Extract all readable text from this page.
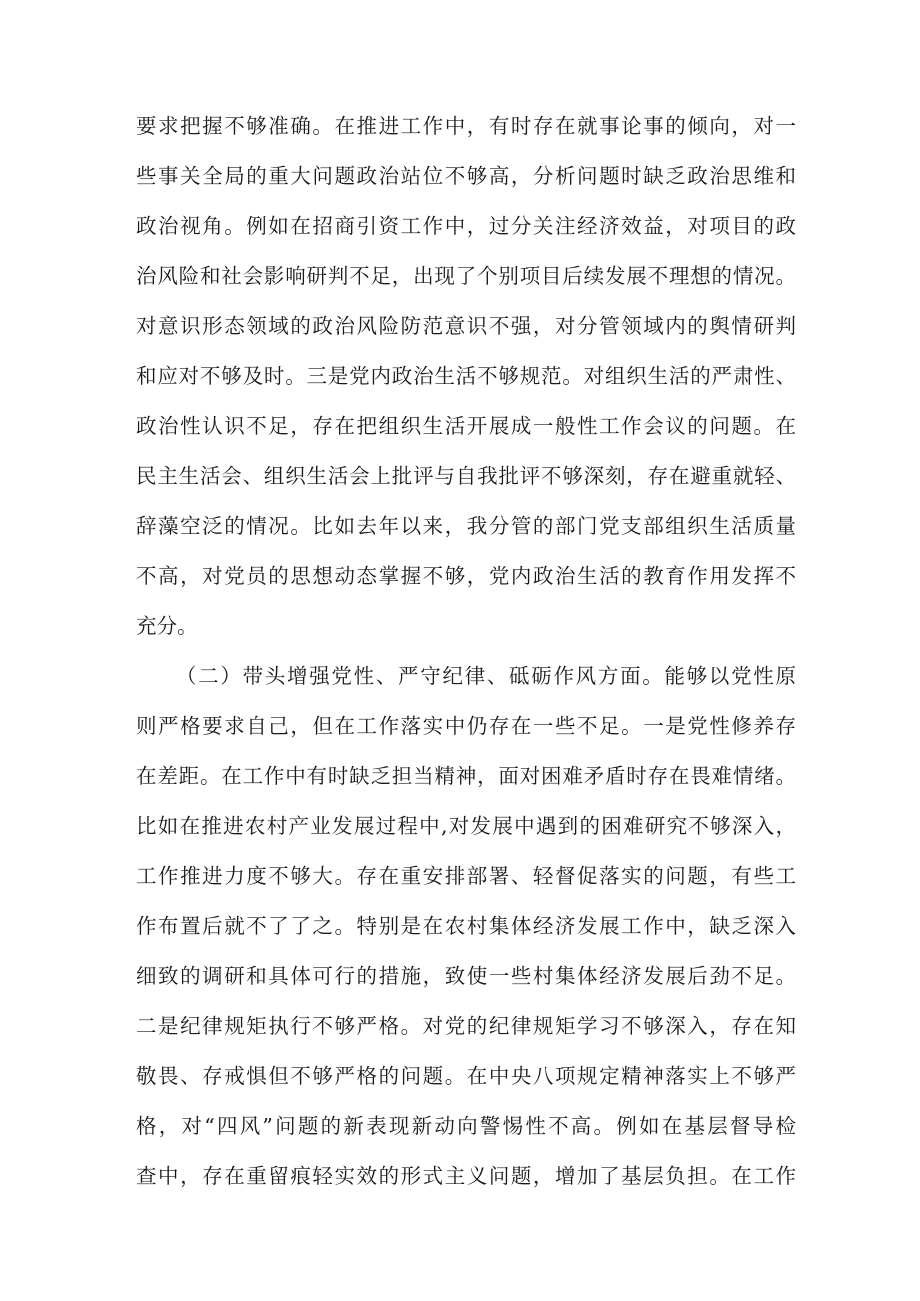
要求把握不够准确。在推进工作中，有时存在就事论事的倾向，对一
些事关全局的重大问题政治站位不够高，分析问题时缺乏政治思维和
政治视角。例如在招商引资工作中，过分关注经济效益，对项目的政
治风险和社会影响研判不足，出现了个别项目后续发展不理想的情况。
对意识形态领域的政治风险防范意识不强，对分管领域内的舆情研判
和应对不够及时。三是党内政治生活不够规范。对组织生活的严肃性、
政治性认识不足，存在把组织生活开展成一般性工作会议的问题。在
民主生活会、组织生活会上批评与自我批评不够深刻，存在避重就轻、
辞藻空泛的情况。比如去年以来，我分管的部门党支部组织生活质量
不高，对党员的思想动态掌握不够，党内政治生活的教育作用发挥不
充分。
（二）带头增强党性、严守纪律、砥砺作风方面。能够以党性原
则严格要求自己，但在工作落实中仍存在一些不足。一是党性修养存
在差距。在工作中有时缺乏担当精神，面对困难矛盾时存在畏难情绪。
比如在推进农村产业发展过程中,对发展中遇到的困难研究不够深入，
工作推进力度不够大。存在重安排部署、轻督促落实的问题，有些工
作布置后就不了了之。特别是在农村集体经济发展工作中，缺乏深入
细致的调研和具体可行的措施，致使一些村集体经济发展后劲不足。
二是纪律规矩执行不够严格。对党的纪律规矩学习不够深入，存在知
敬畏、存戒惧但不够严格的问题。在中央八项规定精神落实上不够严
格，对“四风”问题的新表现新动向警惕性不高。例如在基层督导检
查中，存在重留痕轻实效的形式主义问题，增加了基层负担。在工作
